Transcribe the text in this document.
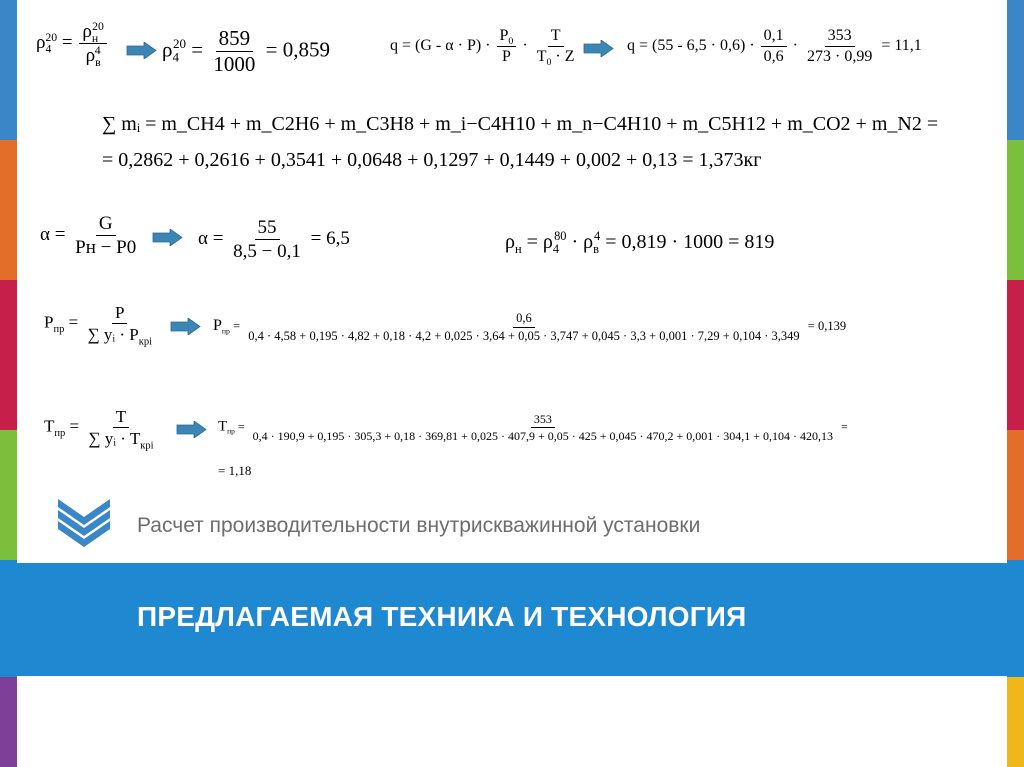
$\rho_4^{20} = \frac{\rho_н^{20}}{\rho_в^4}$	$\rho_4^{20} = \frac{859}{1000} = 0,859$	$q = (G - \alpha \cdot P) \cdot \frac{P_0}{P} \cdot \frac{T}{T_0 \cdot Z}$	$q = (55 - 6,5 \cdot 0,6) \cdot \frac{0,1}{0,6} \cdot \frac{353}{273 \cdot 0,99} = 11,1$
∑ mᵢ = m_CH4 + m_C2H6 + m_C3H8 + m_i−C4H10 + m_n−C4H10 + m_C5H12 + m_CO2 + m_N2 =
= 0,2862 + 0,2616 + 0,3541 + 0,0648 + 0,1297 + 0,1449 + 0,002 + 0,13 = 1,373кг
$\alpha = \frac{G}{Pн - P0}$	$\alpha = \frac{55}{8,5 - 0,1} = 6,5$	$\rho_н = \rho_4^{80} \cdot \rho_в^4 = 0,819 \cdot 1000 = 819$
$P_{пр} = \frac{P}{\sum yᵢ \cdot P_{крi}}$	$P_{пр}$ =
0,6
0,4 · 4,58 + 0,195 · 4,82 + 0,18 · 4,2 + 0,025 · 3,64 + 0,05 · 3,747 + 0,045 · 3,3 + 0,001 · 7,29 + 0,104 · 3,349
= 0,139
$T_{пр} = \frac{T}{\sum yᵢ \cdot T_{крi}}$	$T_{пр}$ =
353
0,4 · 190,9 + 0,195 · 305,3 + 0,18 · 369,81 + 0,025 · 407,9 + 0,05 · 425 + 0,045 · 470,2 + 0,001 · 304,1 + 0,104 · 420,13
=
= 1,18
Расчет производительности внутрискважинной установки
ПРЕДЛАГАЕМАЯ ТЕХНИКА И ТЕХНОЛОГИЯ
